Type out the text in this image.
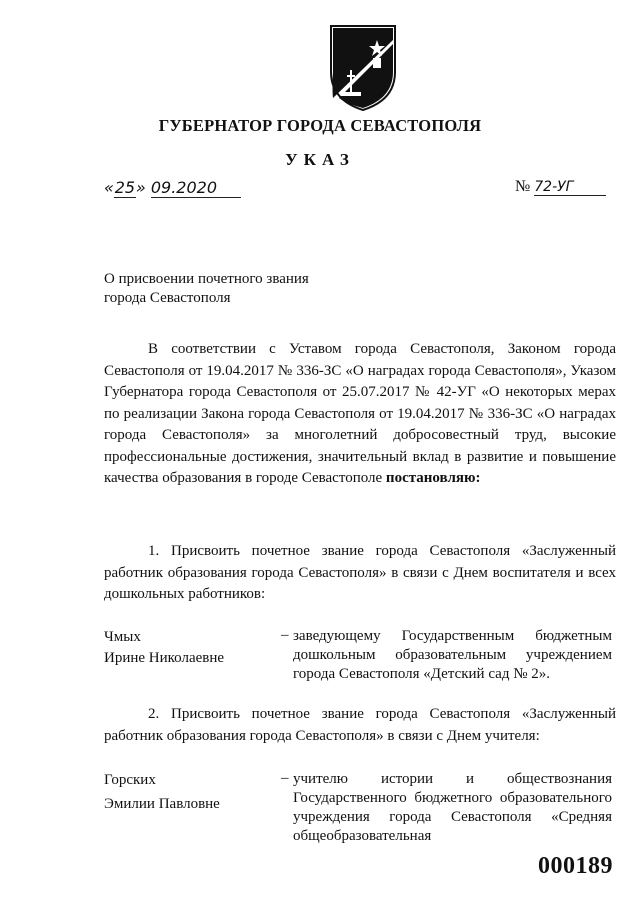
ГУБЕРНАТОР ГОРОДА СЕВАСТОПОЛЯ
УКАЗ
«25» 09.2020	№ 72-УГ
О присвоении почетного звания
города Севастополя
В соответствии с Уставом города Севастополя, Законом города Севастополя от 19.04.2017 № 336-ЗС «О наградах города Севастополя», Указом Губернатора города Севастополя от 25.07.2017 № 42-УГ «О некоторых мерах по реализации Закона города Севастополя от 19.04.2017 № 336-ЗС «О наградах города Севастополя» за многолетний добросовестный труд, высокие профессиональные достижения, значительный вклад в развитие и повышение качества образования в городе Севастополе постановляю:
1. Присвоить почетное звание города Севастополя «Заслуженный работник образования города Севастополя» в связи с Днем воспитателя и всех дошкольных работников:
Чмых
Ирине Николаевне
– заведующему Государственным бюджетным дошкольным образовательным учреждением города Севастополя «Детский сад № 2».
2. Присвоить почетное звание города Севастополя «Заслуженный работник образования города Севастополя» в связи с Днем учителя:
Горских
Эмилии Павловне
– учителю истории и обществознания Государственного бюджетного образовательного учреждения города Севастополя «Средняя общеобразовательная
000189
